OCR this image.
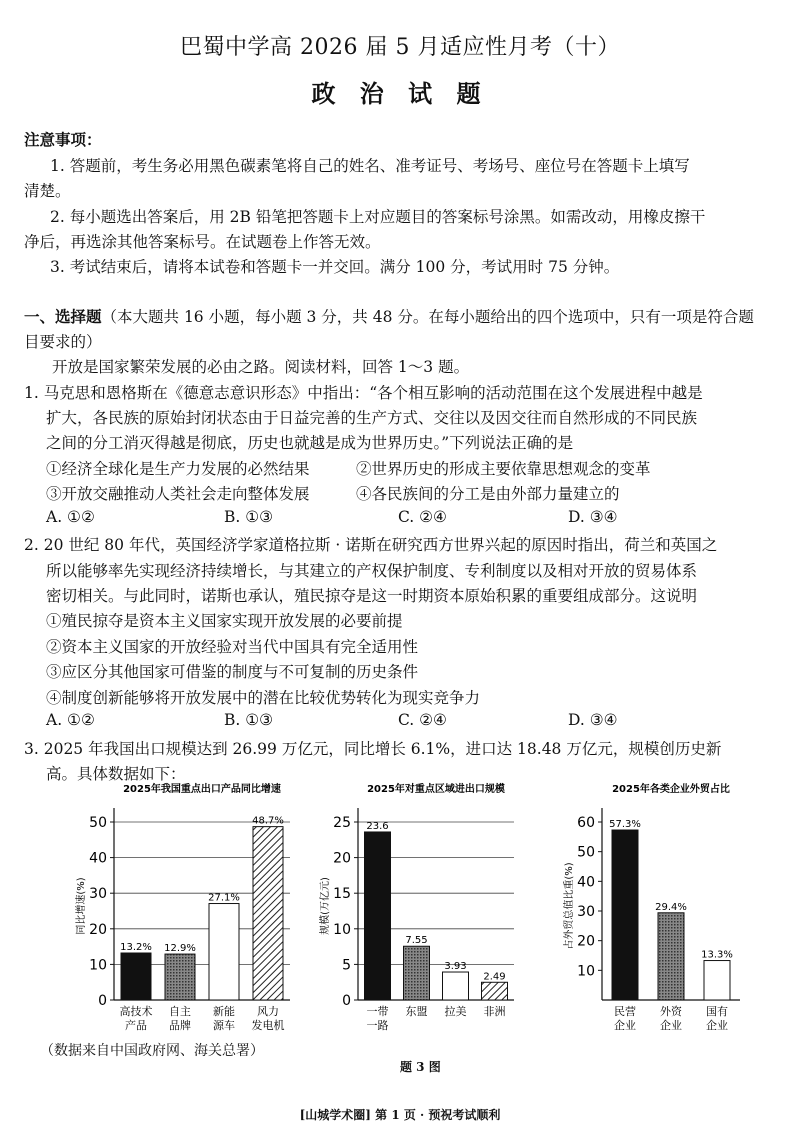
巴蜀中学高 2026 届 5 月适应性月考（十）
政 治 试 题
注意事项：
1. 答题前，考生务必用黑色碳素笔将自己的姓名、准考证号、考场号、座位号在答题卡上填写
清楚。
2. 每小题选出答案后，用 2B 铅笔把答题卡上对应题目的答案标号涂黑。如需改动，用橡皮擦干
净后，再选涂其他答案标号。在试题卷上作答无效。
3. 考试结束后，请将本试卷和答题卡一并交回。满分 100 分，考试用时 75 分钟。
一、选择题（本大题共 16 小题，每小题 3 分，共 48 分。在每小题给出的四个选项中，只有一项是符合题
目要求的）
开放是国家繁荣发展的必由之路。阅读材料，回答 1～3 题。
1. 马克思和恩格斯在《德意志意识形态》中指出：“各个相互影响的活动范围在这个发展进程中越是
扩大，各民族的原始封闭状态由于日益完善的生产方式、交往以及因交往而自然形成的不同民族
之间的分工消灭得越是彻底，历史也就越是成为世界历史。”下列说法正确的是
①经济全球化是生产力发展的必然结果	②世界历史的形成主要依靠思想观念的变革
③开放交融推动人类社会走向整体发展	④各民族间的分工是由外部力量建立的
A. ①②	B. ①③	C. ②④	D. ③④
2. 20 世纪 80 年代，英国经济学家道格拉斯 · 诺斯在研究西方世界兴起的原因时指出，荷兰和英国之
所以能够率先实现经济持续增长，与其建立的产权保护制度、专利制度以及相对开放的贸易体系
密切相关。与此同时，诺斯也承认，殖民掠夺是这一时期资本原始积累的重要组成部分。这说明
①殖民掠夺是资本主义国家实现开放发展的必要前提
②资本主义国家的开放经验对当代中国具有完全适用性
③应区分其他国家可借鉴的制度与不可复制的历史条件
④制度创新能够将开放发展中的潜在比较优势转化为现实竞争力
A. ①②	B. ①③	C. ②④	D. ③④
3. 2025 年我国出口规模达到 26.99 万亿元，同比增长 6.1%，进口达 18.48 万亿元，规模创历史新
高。具体数据如下：
2025年我国重点出口产品同比增速
同比增速(%)
0
10
20
30
40
50
13.2%
高技术产品
12.9%
自主品牌
27.1%
新能源车
48.7%
风力发电机
2025年对重点区域进出口规模
规模(万亿元)
0
5
10
15
20
25 23.6
一带一路
7.55
东盟
3.93
拉美
2.49
非洲
2025年各类企业外贸占比
占外贸总值比重(%)
10
20
30
40
50
60 57.3%
民营企业
29.4%
外资企业
13.3%
国有企业
（数据来自中国政府网、海关总署）
题 3 图
[山城学术圈] 第 1 页 · 预祝考试顺利
